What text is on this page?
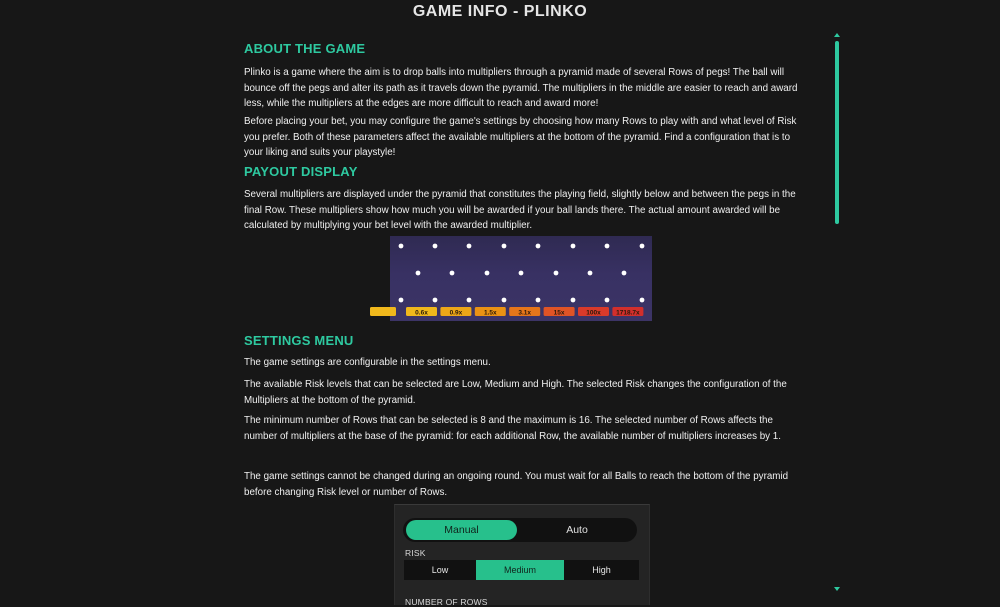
GAME INFO - PLINKO
ABOUT THE GAME

Plinko is a game where the aim is to drop balls into multipliers through a pyramid made of several Rows of pegs! The ball will bounce off the pegs and alter its path as it travels down the pyramid. The multipliers in the middle are easier to reach and award less, while the multipliers at the edges are more difficult to reach and award more!

Before placing your bet, you may configure the game's settings by choosing how many Rows to play with and what level of Risk you prefer. Both of these parameters affect the available multipliers at the bottom of the pyramid. Find a configuration that is to your liking and suits your playstyle!

PAYOUT DISPLAY

Several multipliers are displayed under the pyramid that constitutes the playing field, slightly below and between the pegs in the final Row. These multipliers show how much you will be awarded if your ball lands there. The actual amount awarded will be calculated by multiplying your bet level with the awarded multiplier.

0.6x	0.9x	1.5x	3.1x	15x	100x 1718.7x
SETTINGS MENU

The game settings are configurable in the settings menu.

The available Risk levels that can be selected are Low, Medium and High. The selected Risk changes the configuration of the Multipliers at the bottom of the pyramid.

The minimum number of Rows that can be selected is 8 and the maximum is 16. The selected number of Rows affects the number of multipliers at the base of the pyramid: for each additional Row, the available number of multipliers increases by 1.

The game settings cannot be changed during an ongoing round. You must wait for all Balls to reach the bottom of the pyramid before changing Risk level or number of Rows.

Manual	Auto
RISK
Low	Medium	High
NUMBER OF ROWS
